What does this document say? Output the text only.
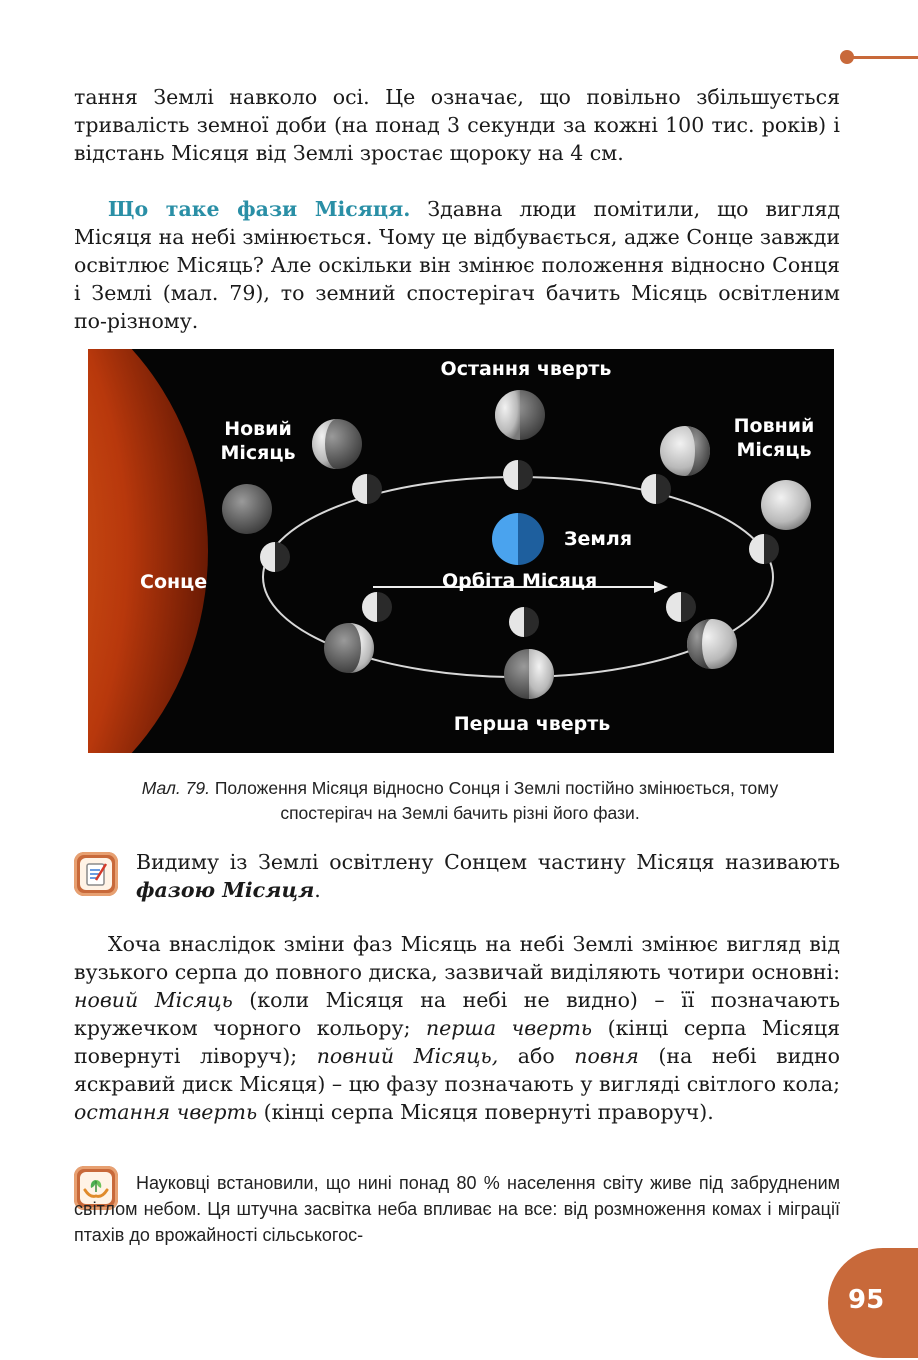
тання Землі навколо осі. Це означає, що повільно збільшується тривалість земної доби (на понад 3 секунди за кожні 100 тис. років) і відстань Місяця від Землі зростає щороку на 4 см.

Що таке фази Місяця. Здавна люди помітили, що вигляд Місяця на небі змінюється. Чому це відбувається, адже Сонце завжди освітлює Місяць? Але оскільки він змінює положення відносно Сонця і Землі (мал. 79), то земний спостерігач бачить Місяць освітленим по-різному.

Остання чверть
Новий
Місяць
Повний
Місяць
Земля
Сонце	Орбіта Місяця
Перша чверть
Мал. 79. Положення Місяця відносно Сонця і Землі постійно змінюється, тому спостерігач на Землі бачить різні його фази.
Видиму із Землі освітлену Сонцем частину Місяця називають фазою Місяця.

Хоча внаслідок зміни фаз Місяць на небі Землі змінює вигляд від вузького серпа до повного диска, зазвичай виділяють чотири основні: новий Місяць (коли Місяця на небі не видно) – її позначають кружечком чорного кольору; перша чверть (кінці серпа Місяця повернуті ліворуч); повний Місяць, або повня (на небі видно яскравий диск Місяця) – цю фазу позначають у вигляді світлого кола; остання чверть (кінці серпа Місяця повернуті праворуч).

Науковці встановили, що нині понад 80 % населення світу живе під забрудненим світлом небом. Ця штучна засвітка неба впливає на все: від розмноження комах і міграції птахів до врожайності сільськогос-
95
